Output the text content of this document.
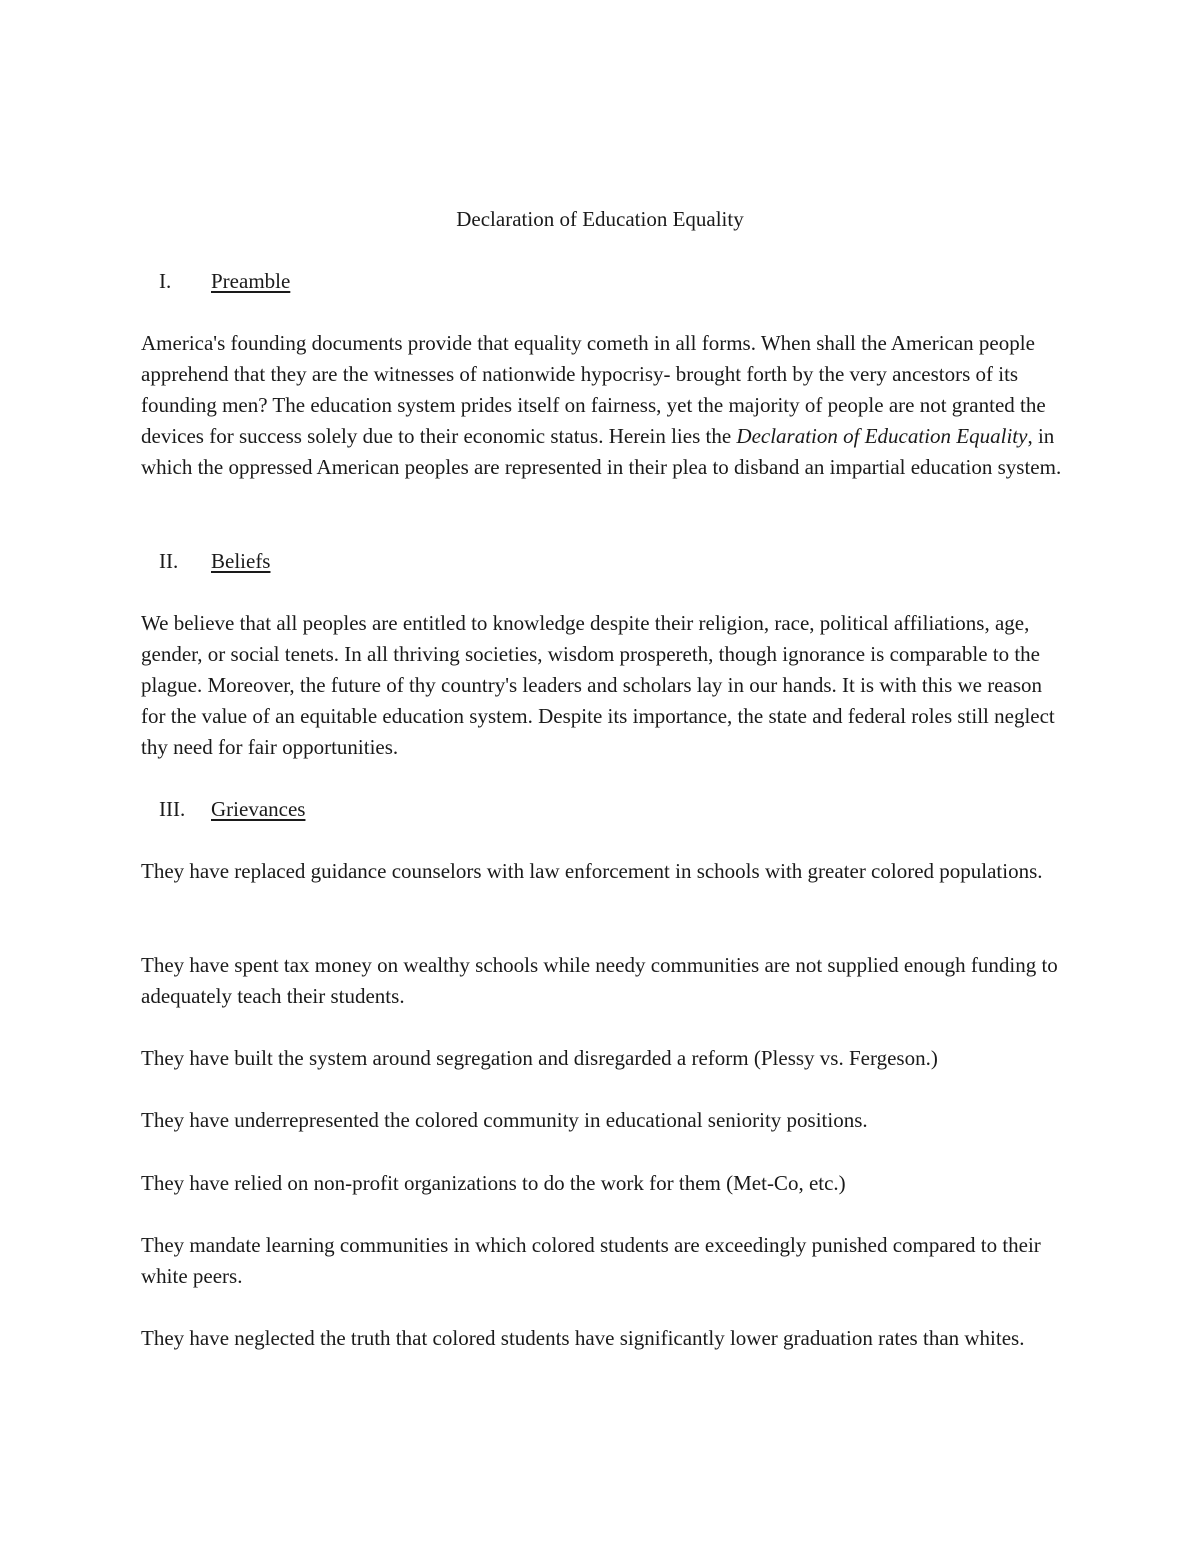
Declaration of Education Equality
I. Preamble

America's founding documents provide that equality cometh in all forms. When shall the American people apprehend that they are the witnesses of nationwide hypocrisy- brought forth by the very ancestors of its founding men? The education system prides itself on fairness, yet the majority of people are not granted the devices for success solely due to their economic status. Herein lies the Declaration of Education Equality, in which the oppressed American peoples are represented in their plea to disband an impartial education system.

II. Beliefs

We believe that all peoples are entitled to knowledge despite their religion, race, political affiliations, age, gender, or social tenets. In all thriving societies, wisdom prospereth, though ignorance is comparable to the plague. Moreover, the future of thy country's leaders and scholars lay in our hands. It is with this we reason for the value of an equitable education system. Despite its importance, the state and federal roles still neglect thy need for fair opportunities.

III. Grievances

They have replaced guidance counselors with law enforcement in schools with greater colored populations.

They have spent tax money on wealthy schools while needy communities are not supplied enough funding to adequately teach their students.

They have built the system around segregation and disregarded a reform (Plessy vs. Fergeson.)

They have underrepresented the colored community in educational seniority positions.

They have relied on non-profit organizations to do the work for them (Met-Co, etc.)

They mandate learning communities in which colored students are exceedingly punished compared to their white peers.

They have neglected the truth that colored students have significantly lower graduation rates than whites.
